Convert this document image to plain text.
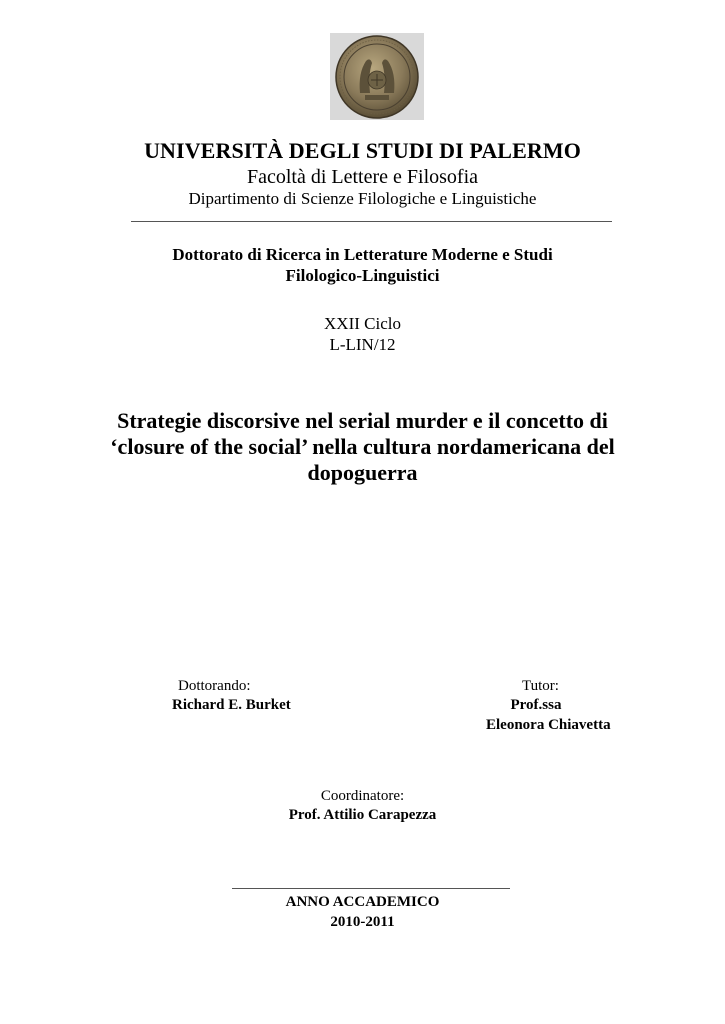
UNIVERSITÀ DEGLI STUDI DI PALERMO
Facoltà di Lettere e Filosofia
Dipartimento di Scienze Filologiche e Linguistiche
Dottorato di Ricerca in Letterature Moderne e Studi
Filologico-Linguistici
XXII Ciclo
L-LIN/12
Strategie discorsive nel serial murder e il concetto di
‘closure of the social’ nella cultura nordamericana del
dopoguerra
Dottorando:
Richard E. Burket
Tutor:
Prof.ssa
Eleonora Chiavetta
Coordinatore:
Prof. Attilio Carapezza
ANNO ACCADEMICO
2010-2011
